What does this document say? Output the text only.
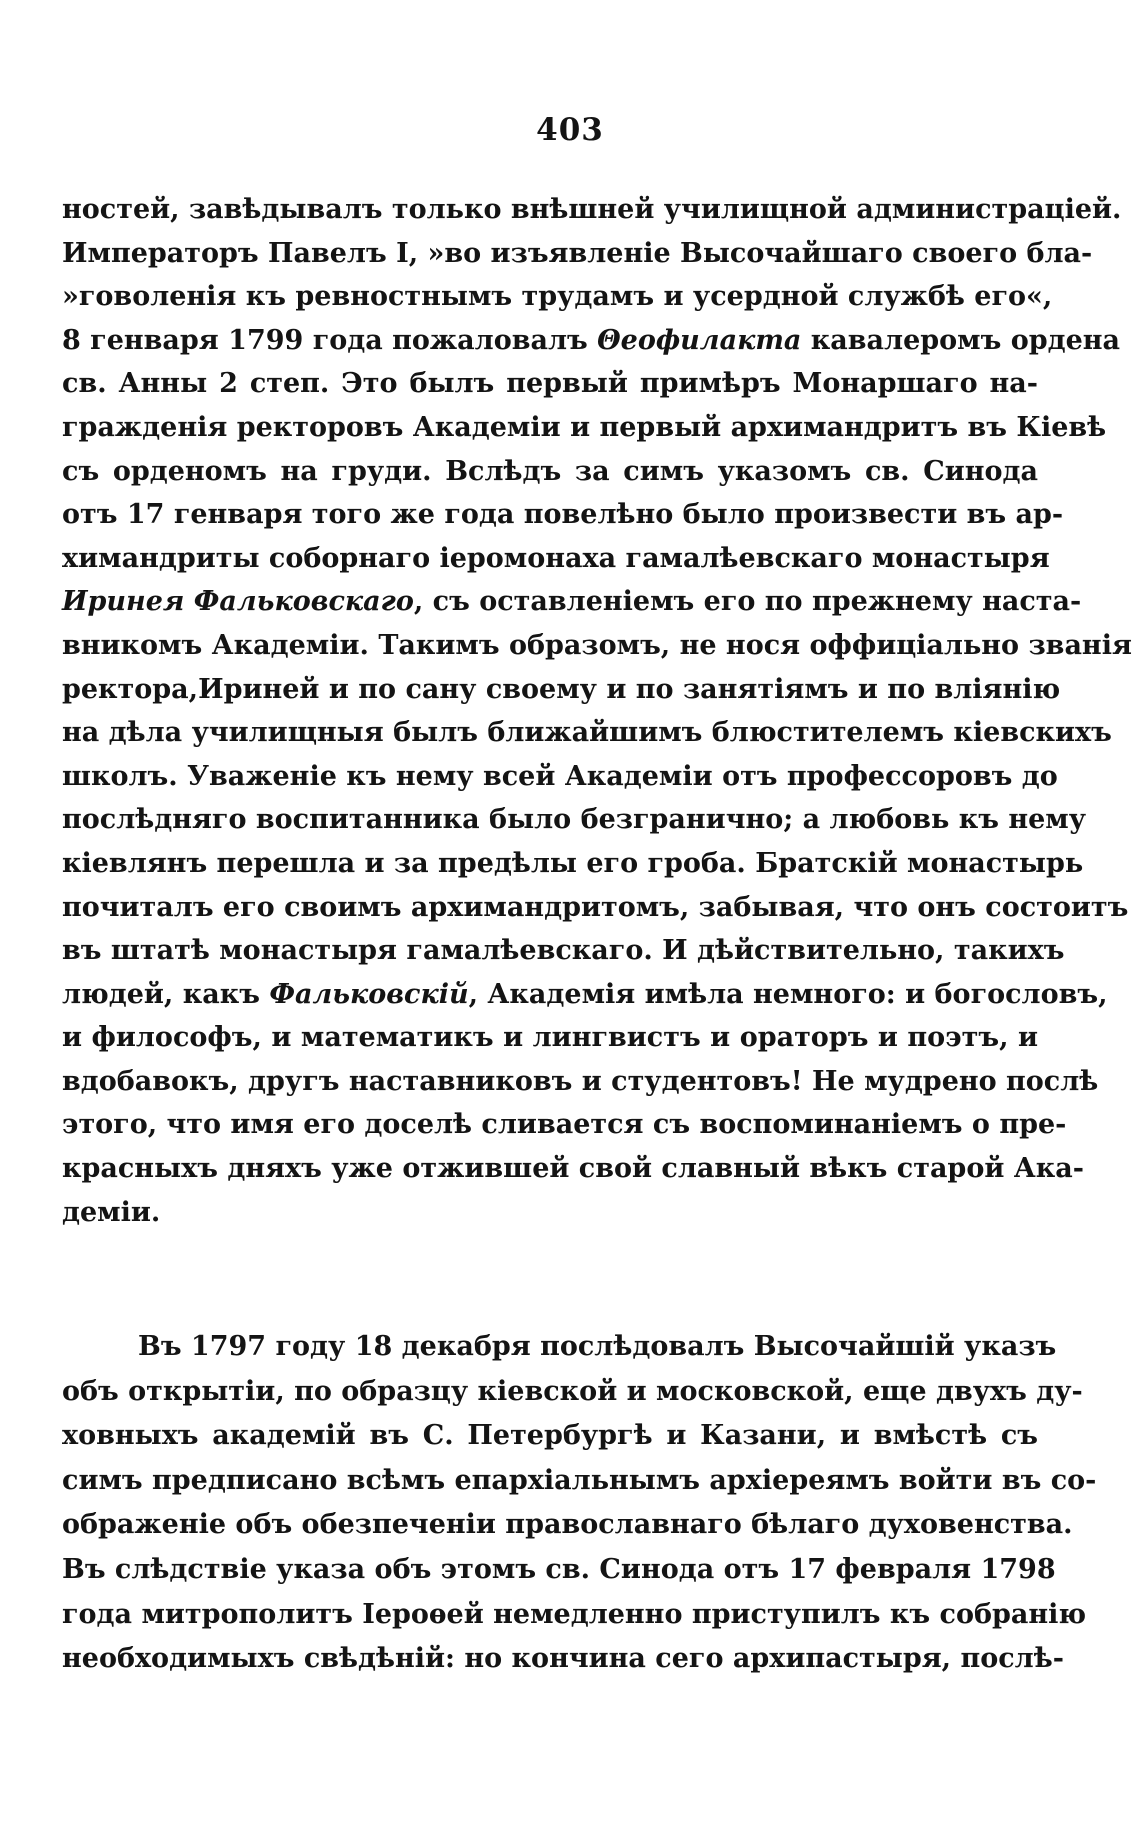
403
ностей, завѣдывалъ только внѣшней училищной администраціей.
Императоръ Павелъ I, »во изъявленіе Высочайшаго своего бла-
»говоленія къ ревностнымъ трудамъ и усердной службѣ его«,
8 генваря 1799 года пожаловалъ Θеофилакта кавалеромъ ордена
св. Анны 2 степ. Это былъ первый примѣръ Монаршаго на-
гражденія ректоровъ Академіи и первый архимандритъ въ Кіевѣ
съ орденомъ на груди. Вслѣдъ за симъ указомъ св. Синода
отъ 17 генваря того же года повелѣно было произвести въ ар-
химандриты соборнаго іеромонаха гамалѣевскаго монастыря
Иринея Фальковскаго, съ оставленіемъ его по прежнему наста-
вникомъ Академіи. Такимъ образомъ, не нося оффиціально званія
ректора,Ириней и по сану своему и по занятіямъ и по вліянію
на дѣла училищныя былъ ближайшимъ блюстителемъ кіевскихъ
школъ. Уваженіе къ нему всей Академіи отъ профессоровъ до
послѣдняго воспитанника было безгранично; а любовь къ нему
кіевлянъ перешла и за предѣлы его гроба. Братскій монастырь
почиталъ его своимъ архимандритомъ, забывая, что онъ состоитъ
въ штатѣ монастыря гамалѣевскаго. И дѣйствительно, такихъ
людей, какъ Фальковскій, Академія имѣла немного: и богословъ,
и философъ, и математикъ и лингвистъ и ораторъ и поэтъ, и
вдобавокъ, другъ наставниковъ и студентовъ! Не мудрено послѣ
этого, что имя его доселѣ сливается съ воспоминаніемъ о пре-
красныхъ дняхъ уже отжившей свой славный вѣкъ старой Ака-
деміи.
Въ 1797 году 18 декабря послѣдовалъ Высочайшій указъ
объ открытіи, по образцу кіевской и московской, еще двухъ ду-
ховныхъ академій въ С. Петербургѣ и Казани, и вмѣстѣ съ
симъ предписано всѣмъ епархіальнымъ архіереямъ войти въ со-
ображеніе объ обезпеченіи православнаго бѣлаго духовенства.
Въ слѣдствіе указа объ этомъ св. Синода отъ 17 февраля 1798
года митрополитъ Іероѳей немедленно приступилъ къ собранію
необходимыхъ свѣдѣній: но кончина сего архипастыря, послѣ-
